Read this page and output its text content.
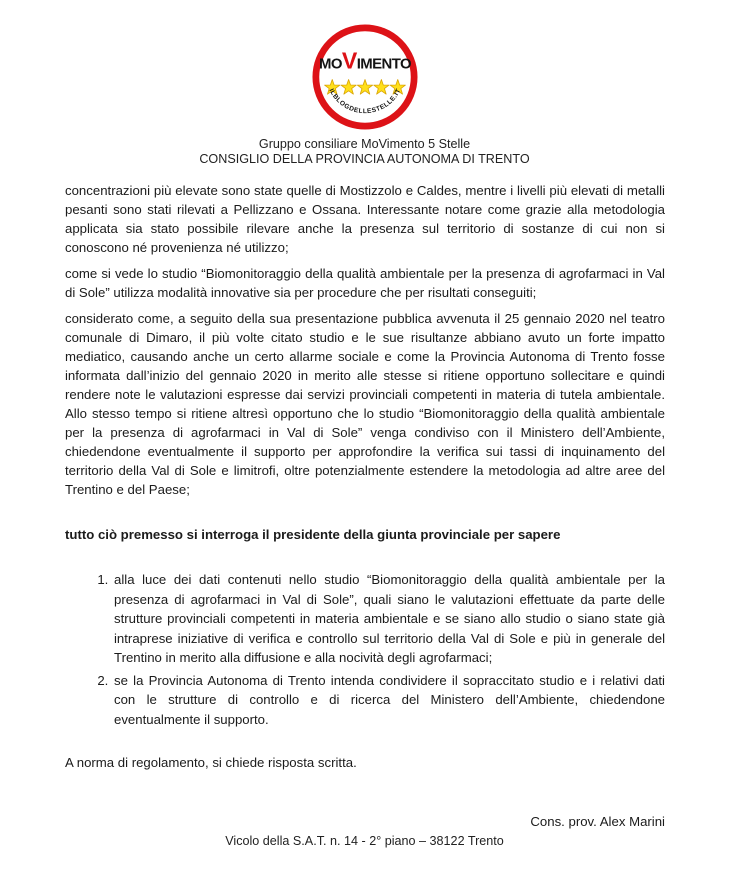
MOVIMENTO
ILBLOGDELLESTELLE.IT
Gruppo consiliare MoVimento 5 Stelle
CONSIGLIO DELLA PROVINCIA AUTONOMA DI TRENTO

concentrazioni più elevate sono state quelle di Mostizzolo e Caldes, mentre i livelli più elevati di metalli pesanti sono stati rilevati a Pellizzano e Ossana. Interessante notare come grazie alla metodologia applicata sia stato possibile rilevare anche la presenza sul territorio di sostanze di cui non si conoscono né provenienza né utilizzo;

come si vede lo studio “Biomonitoraggio della qualità ambientale per la presenza di agrofarmaci in Val di Sole” utilizza modalità innovative sia per procedure che per risultati conseguiti;

considerato come, a seguito della sua presentazione pubblica avvenuta il 25 gennaio 2020 nel teatro comunale di Dimaro, il più volte citato studio e le sue risultanze abbiano avuto un forte impatto mediatico, causando anche un certo allarme sociale e come la Provincia Autonoma di Trento fosse informata dall’inizio del gennaio 2020 in merito alle stesse si ritiene opportuno sollecitare e quindi rendere note le valutazioni espresse dai servizi provinciali competenti in materia di tutela ambientale. Allo stesso tempo si ritiene altresì opportuno che lo studio “Biomonitoraggio della qualità ambientale per la presenza di agrofarmaci in Val di Sole” venga condiviso con il Ministero dell’Ambiente, chiedendone eventualmente il supporto per approfondire la verifica sui tassi di inquinamento del territorio della Val di Sole e limitrofi, oltre potenzialmente estendere la metodologia ad altre aree del Trentino e del Paese;

tutto ciò premesso si interroga il presidente della giunta provinciale per sapere

1. alla luce dei dati contenuti nello studio “Biomonitoraggio della qualità ambientale per la presenza di agrofarmaci in Val di Sole”, quali siano le valutazioni effettuate da parte delle strutture provinciali competenti in materia ambientale e se siano allo studio o siano state già intraprese iniziative di verifica e controllo sul territorio della Val di Sole e più in generale del Trentino in merito alla diffusione e alla nocività degli agrofarmaci;
2. se la Provincia Autonoma di Trento intenda condividere il sopraccitato studio e i relativi dati con le strutture di controllo e di ricerca del Ministero dell’Ambiente, chiedendone eventualmente il supporto.

A norma di regolamento, si chiede risposta scritta.

Cons. prov. Alex Marini

Vicolo della S.A.T. n. 14 - 2° piano – 38122 Trento
